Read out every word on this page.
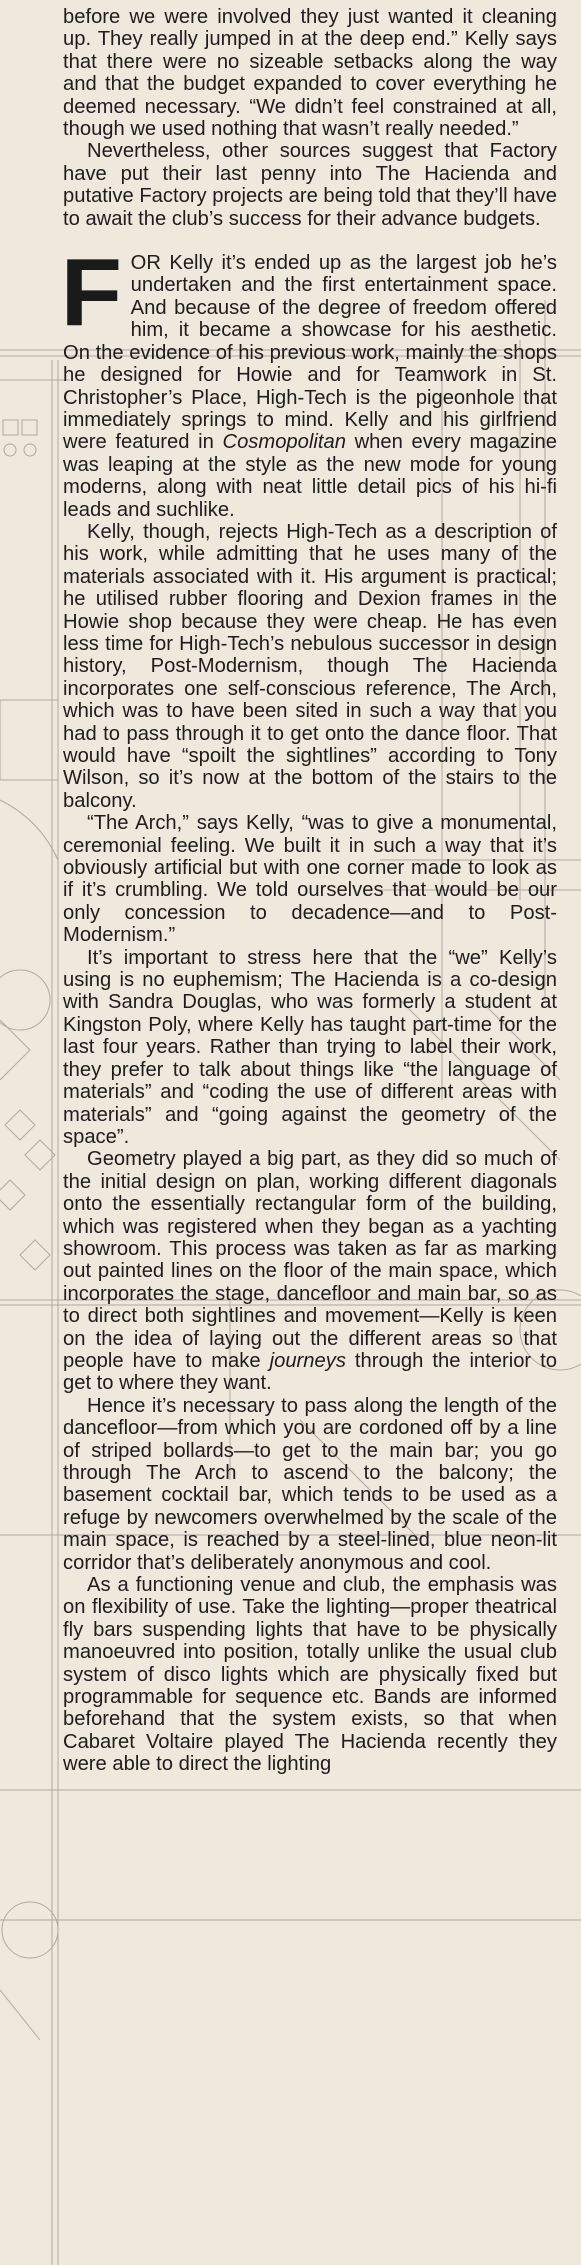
before we were involved they just wanted it cleaning up. They really jumped in at the deep end.” Kelly says that there were no sizeable setbacks along the way and that the budget expanded to cover everything he deemed necessary. “We didn’t feel constrained at all, though we used nothing that wasn’t really needed.”

Nevertheless, other sources suggest that Factory have put their last penny into The Hacienda and putative Factory projects are being told that they’ll have to await the club’s success for their advance budgets.

FOR Kelly it’s ended up as the largest job he’s undertaken and the first entertainment space. And because of the degree of freedom offered him, it became a showcase for his aesthetic. On the evidence of his previous work, mainly the shops he designed for Howie and for Teamwork in St. Christopher’s Place, High-Tech is the pigeonhole that immediately springs to mind. Kelly and his girlfriend were featured in Cosmopolitan when every magazine was leaping at the style as the new mode for young moderns, along with neat little detail pics of his hi-fi leads and suchlike.

Kelly, though, rejects High-Tech as a description of his work, while admitting that he uses many of the materials associated with it. His argument is practical; he utilised rubber flooring and Dexion frames in the Howie shop because they were cheap. He has even less time for High-Tech’s nebulous successor in design history, Post-Modernism, though The Hacienda incorporates one self-conscious reference, The Arch, which was to have been sited in such a way that you had to pass through it to get onto the dance floor. That would have “spoilt the sightlines” according to Tony Wilson, so it’s now at the bottom of the stairs to the balcony.

“The Arch,” says Kelly, “was to give a monumental, ceremonial feeling. We built it in such a way that it’s obviously artificial but with one corner made to look as if it’s crumbling. We told ourselves that would be our only concession to decadence—and to Post-Modernism.”

It’s important to stress here that the “we” Kelly’s using is no euphemism; The Hacienda is a co-design with Sandra Douglas, who was formerly a student at Kingston Poly, where Kelly has taught part-time for the last four years. Rather than trying to label their work, they prefer to talk about things like “the language of materials” and “coding the use of different areas with materials” and “going against the geometry of the space”.

Geometry played a big part, as they did so much of the initial design on plan, working different diagonals onto the essentially rectangular form of the building, which was registered when they began as a yachting showroom. This process was taken as far as marking out painted lines on the floor of the main space, which incorporates the stage, dancefloor and main bar, so as to direct both sightlines and movement—Kelly is keen on the idea of laying out the different areas so that people have to make journeys through the interior to get to where they want.

Hence it’s necessary to pass along the length of the dancefloor—from which you are cordoned off by a line of striped bollards—to get to the main bar; you go through The Arch to ascend to the balcony; the basement cocktail bar, which tends to be used as a refuge by newcomers overwhelmed by the scale of the main space, is reached by a steel-lined, blue neon-lit corridor that’s deliberately anonymous and cool.

As a functioning venue and club, the emphasis was on flexibility of use. Take the lighting—proper theatrical fly bars suspending lights that have to be physically manoeuvred into position, totally unlike the usual club system of disco lights which are physically fixed but programmable for sequence etc. Bands are informed beforehand that the system exists, so that when Cabaret Voltaire played The Hacienda recently they were able to direct the lighting
